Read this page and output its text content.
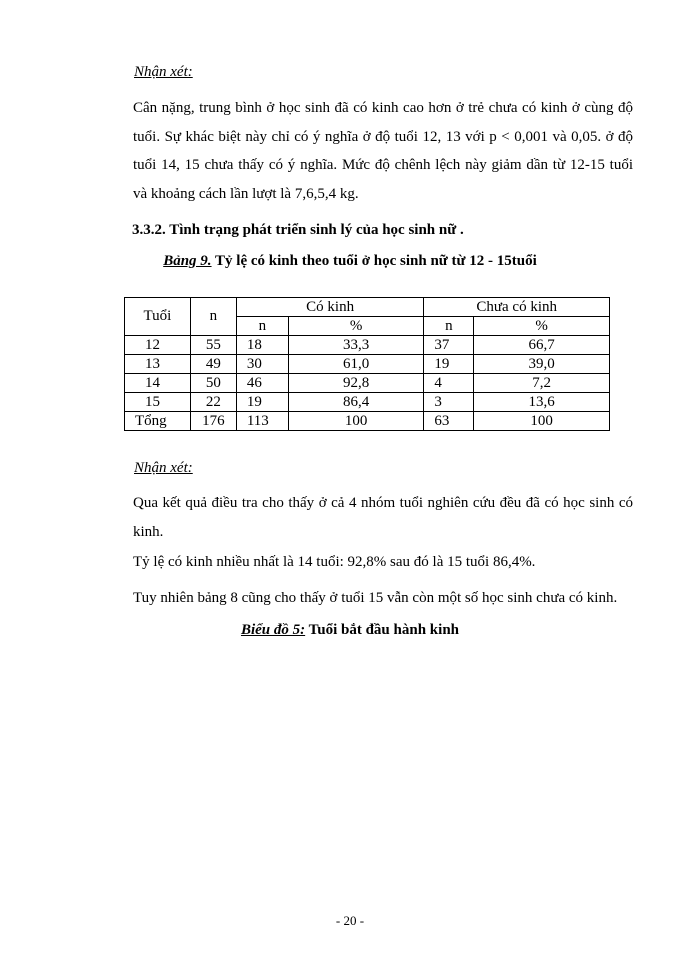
Nhận xét:
Cân nặng, trung bình ở học sinh đã có kinh cao hơn ở trẻ chưa có kinh ở cùng độ tuổi. Sự khác biệt này chỉ có ý nghĩa ở độ tuổi 12, 13 với p < 0,001 và 0,05. ở độ tuổi 14, 15 chưa thấy có ý nghĩa. Mức độ chênh lệch này giảm dần từ 12-15 tuổi và khoảng cách lần lượt là 7,6,5,4 kg.
3.3.2. Tình trạng phát triển sinh lý của học sinh nữ .
Bảng 9. Tỷ lệ có kinh theo tuổi ở học sinh nữ từ 12 - 15tuổi
Tuổi	n	Có kinh		Chưa có kinh	
		n	%	n	%
12	55	18	33,3	37	66,7
13	49	30	61,0	19	39,0
14	50	46	92,8	4	7,2
15	22	19	86,4	3	13,6
Tổng	176	113	100	63	100
Nhận xét:
Qua kết quả điều tra cho thấy ở cả 4 nhóm tuổi nghiên cứu đều đã có học sinh có kinh.
Tỷ lệ có kinh nhiều nhất là 14 tuổi: 92,8% sau đó là 15 tuổi 86,4%.
Tuy nhiên bảng 8 cũng cho thấy ở tuổi 15 vẫn còn một số học sinh chưa có kinh.
Biểu đồ 5: Tuổi bắt đầu hành kinh
- 20 -
